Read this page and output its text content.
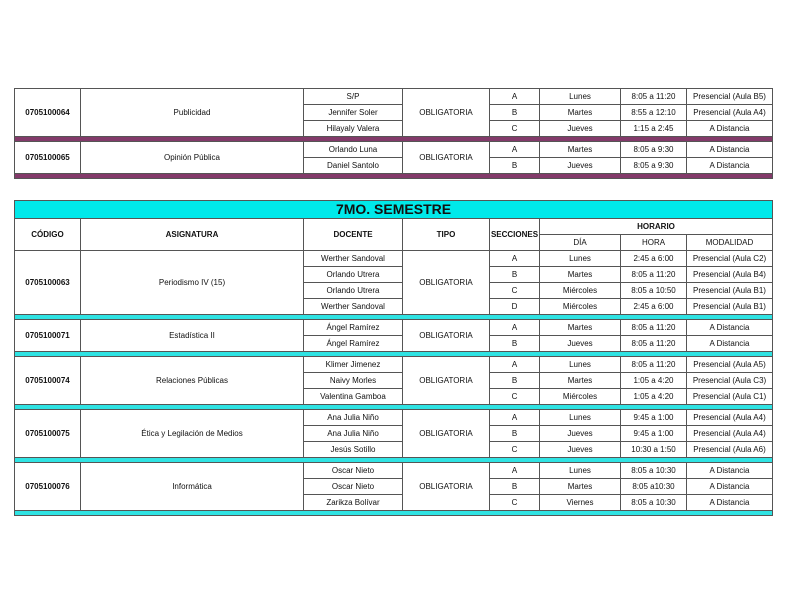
0705100064	Publicidad	S/P	OBLIGATORIA	A	Lunes	8:05 a 11:20	Presencial (Aula B5)
		Jennifer Soler		B	Martes	8:55 a 12:10	Presencial (Aula A4)
		Hilayaly Valera		C	Jueves	1:15 a 2:45	A Distancia

0705100065	Opinión Pública	Orlando Luna	OBLIGATORIA	A	Martes	8:05 a 9:30	A Distancia
		Daniel Santolo		B	Jueves	8:05 a 9:30	A Distancia

7MO. SEMESTRE							
CÓDIGO	ASIGNATURA	DOCENTE	TIPO	SECCIONES	HORARIO		
					DÍA	HORA	MODALIDAD
0705100063	Periodismo IV (15)	Werther Sandoval	OBLIGATORIA	A	Lunes	2:45 a 6:00	Presencial (Aula C2)
		Orlando Utrera		B	Martes	8:05 a 11:20	Presencial (Aula B4)
		Orlando Utrera		C	Miércoles	8:05 a 10:50	Presencial (Aula B1)
		Werther Sandoval		D	Miércoles	2:45 a 6:00	Presencial (Aula B1)

0705100071	Estadística II	Ángel Ramírez	OBLIGATORIA	A	Martes	8:05 a 11:20	A Distancia
		Ángel Ramírez		B	Jueves	8:05 a 11:20	A Distancia

0705100074	Relaciones Públicas	Klimer Jimenez	OBLIGATORIA	A	Lunes	8:05 a 11:20	Presencial (Aula A5)
		Naivy Morles		B	Martes	1:05 a 4:20	Presencial (Aula C3)
		Valentina Gamboa		C	Miércoles	1:05 a 4:20	Presencial (Aula C1)

0705100075	Ética y Legilación de Medios	Ana Julia Niño	OBLIGATORIA	A	Lunes	9:45 a 1:00	Presencial (Aula A4)
		Ana Julia Niño		B	Jueves	9:45 a 1:00	Presencial (Aula A4)
		Jesús Sotillo		C	Jueves	10:30 a 1:50	Presencial (Aula A6)

0705100076	Informática	Oscar Nieto	OBLIGATORIA	A	Lunes	8:05 a 10:30	A Distancia
		Oscar Nieto		B	Martes	8:05 a10:30	A Distancia
		Zarikza Bolívar		C	Viernes	8:05 a 10:30	A Distancia
